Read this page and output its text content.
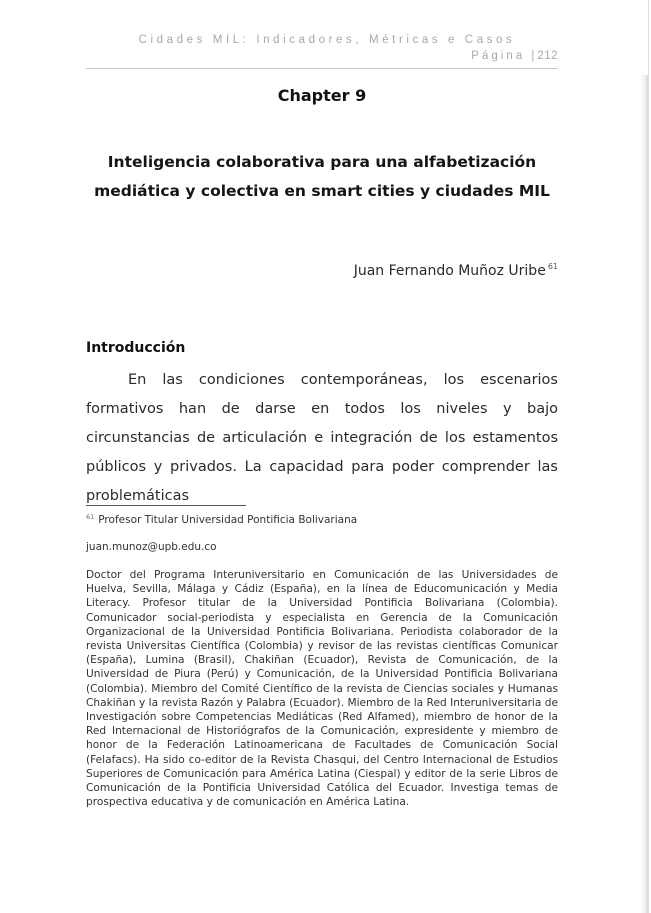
Cidades MIL: Indicadores, Métricas e Casos
Página |212
Chapter 9
Inteligencia colaborativa para una alfabetización
mediática y colectiva en smart cities y ciudades MIL
Juan Fernando Muñoz Uribe $^{61}$
Introducción

En las condiciones contemporáneas, los escenarios formativos han de darse en todos los niveles y bajo circunstancias de articulación e integración de los estamentos públicos y privados. La capacidad para poder comprender las problemáticas

$^{61}$ Profesor Titular Universidad Pontificia Bolivariana
juan.munoz@upb.edu.co

Doctor del Programa Interuniversitario en Comunicación de las Universidades de Huelva, Sevilla, Málaga y Cádiz (España), en la línea de Educomunicación y Media Literacy. Profesor titular de la Universidad Pontificia Bolivariana (Colombia). Comunicador social-periodista y especialista en Gerencia de la Comunicación Organizacional de la Universidad Pontificia Bolivariana. Periodista colaborador de la revista Universitas Científica (Colombia) y revisor de las revistas científicas Comunicar (España), Lumina (Brasil), Chakiñan (Ecuador), Revista de Comunicación, de la Universidad de Piura (Perú) y Comunicación, de la Universidad Pontificia Bolivariana (Colombia). Miembro del Comité Científico de la revista de Ciencias sociales y Humanas Chakiñan y la revista Razón y Palabra (Ecuador). Miembro de la Red Interuniversitaria de Investigación sobre Competencias Mediáticas (Red Alfamed), miembro de honor de la Red Internacional de Historiógrafos de la Comunicación, expresidente y miembro de honor de la Federación Latinoamericana de Facultades de Comunicación Social (Felafacs). Ha sido co-editor de la Revista Chasqui, del Centro Internacional de Estudios Superiores de Comunicación para América Latina (Ciespal) y editor de la serie Libros de Comunicación de la Pontificia Universidad Católica del Ecuador. Investiga temas de prospectiva educativa y de comunicación en América Latina.
